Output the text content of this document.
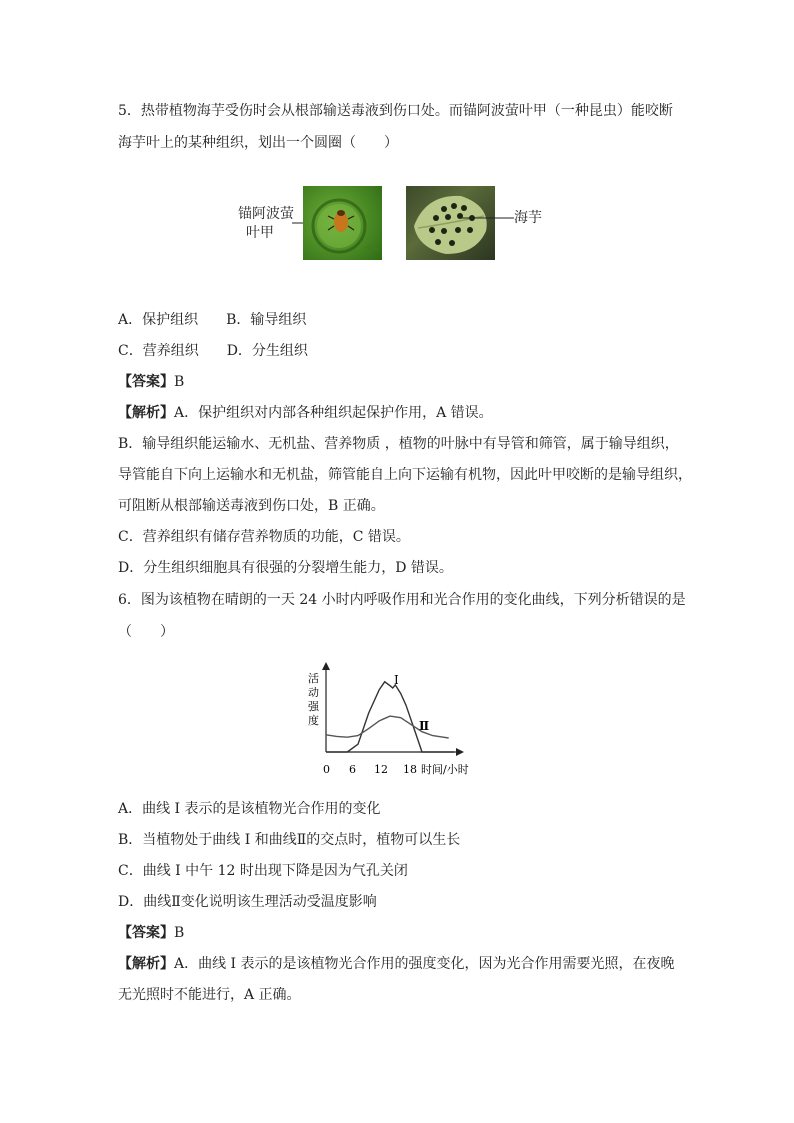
5．热带植物海芋受伤时会从根部输送毒液到伤口处。而锚阿波萤叶甲（一种昆虫）能咬断
海芋叶上的某种组织，划出一个圆圈（　　）
锚阿波萤
叶甲
海芋
A．保护组织　　B．输导组织
C．营养组织　　D．分生组织
【答案】B
【解析】A．保护组织对内部各种组织起保护作用，A 错误。
B．输导组织能运输水、无机盐、营养物质 ，植物的叶脉中有导管和筛管，属于输导组织，
导管能自下向上运输水和无机盐，筛管能自上向下运输有机物，因此叶甲咬断的是输导组织，
可阻断从根部输送毒液到伤口处，B 正确。
C．营养组织有储存营养物质的功能，C 错误。
D．分生组织细胞具有很强的分裂增生能力，D 错误。
6．图为该植物在晴朗的一天 24 小时内呼吸作用和光合作用的变化曲线，下列分析错误的是
（　　）
活
动
强
度
0 6 12 18 时间/小时
I
Ⅱ
A．曲线 I 表示的是该植物光合作用的变化
B．当植物处于曲线 I 和曲线Ⅱ的交点时，植物可以生长
C．曲线 I 中午 12 时出现下降是因为气孔关闭
D．曲线Ⅱ变化说明该生理活动受温度影响
【答案】B
【解析】A．曲线 I 表示的是该植物光合作用的强度变化，因为光合作用需要光照，在夜晚
无光照时不能进行，A 正确。
